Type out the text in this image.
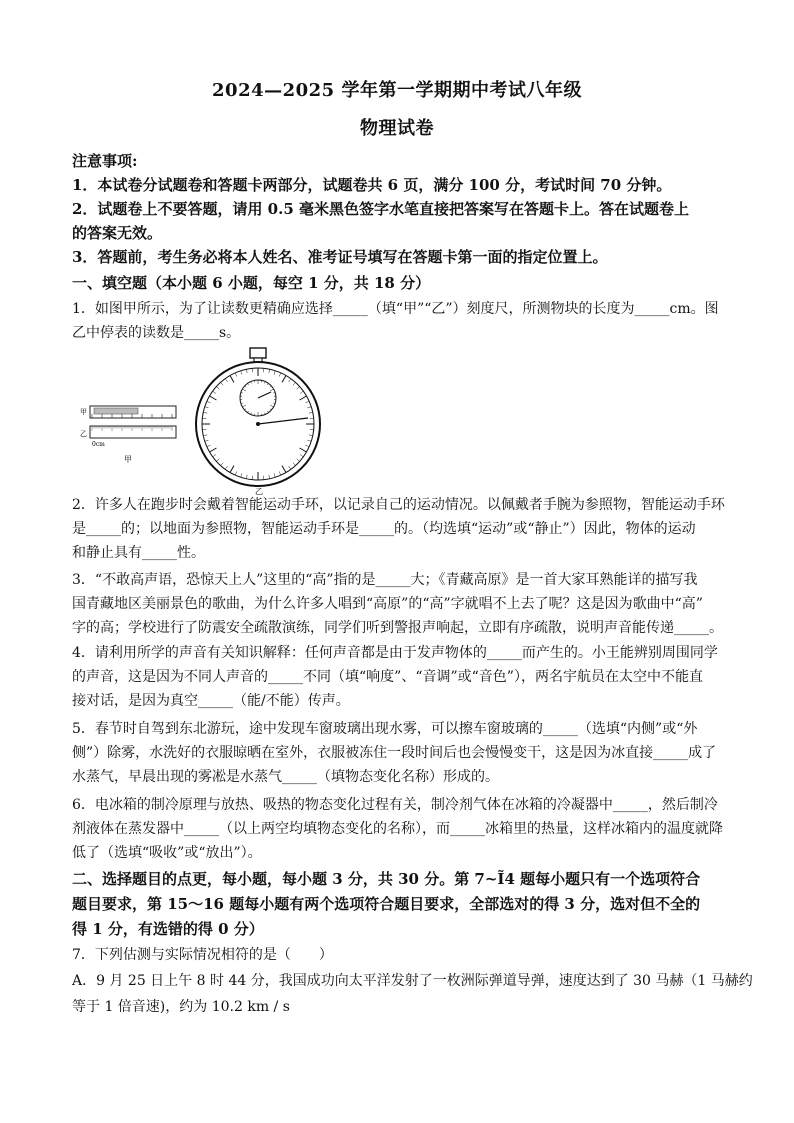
2024—2025 学年第一学期期中考试八年级
物理试卷
注意事项:
1．本试卷分试题卷和答题卡两部分，试题卷共 6 页，满分 100 分，考试时间 70 分钟。
2．试题卷上不要答题，请用 0.5 毫米黑色签字水笔直接把答案写在答题卡上。答在试题卷上
的答案无效。
3．答题前，考生务必将本人姓名、准考证号填写在答题卡第一面的指定位置上。
一、填空题（本小题 6 小题，每空 1 分，共 18 分）
1．如图甲所示，为了让读数更精确应选择_____（填“甲”“乙”）刻度尺，所测物块的长度为_____cm。图
乙中停表的读数是_____s。
甲
乙
0cm
甲
乙
2．许多人在跑步时会戴着智能运动手环，以记录自己的运动情况。以佩戴者手腕为参照物，智能运动手环
是_____的；以地面为参照物，智能运动手环是_____的。（均选填“运动”或“静止”）因此，物体的运动
和静止具有_____性。
3．“不敢高声语，恐惊天上人”这里的“高”指的是_____大；《青藏高原》是一首大家耳熟能详的描写我
国青藏地区美丽景色的歌曲，为什么许多人唱到“高原”的“高”字就唱不上去了呢？这是因为歌曲中“高”
字的高；学校进行了防震安全疏散演练，同学们听到警报声响起，立即有序疏散，说明声音能传递_____。
4．请利用所学的声音有关知识解释：任何声音都是由于发声物体的_____而产生的。小王能辨别周围同学
的声音，这是因为不同人声音的_____不同（填“响度”、“音调”或“音色”），两名宇航员在太空中不能直
接对话，是因为真空_____（能/不能）传声。
5．春节时自驾到东北游玩，途中发现车窗玻璃出现水雾，可以擦车窗玻璃的_____（选填“内侧”或“外
侧”）除雾，水洗好的衣服晾晒在室外，衣服被冻住一段时间后也会慢慢变干，这是因为冰直接_____成了
水蒸气，早晨出现的雾凇是水蒸气_____（填物态变化名称）形成的。
6．电冰箱的制冷原理与放热、吸热的物态变化过程有关，制冷剂气体在冰箱的冷凝器中_____，然后制冷
剂液体在蒸发器中_____（以上两空均填物态变化的名称），而_____冰箱里的热量，这样冰箱内的温度就降
低了（选填“吸收”或“放出”）。
二、选择题目的点更，每小题，每小题 3 分，共 30 分。第 7~Ĩ4 题每小题只有一个选项符合
题目要求，第 15～16 题每小题有两个选项符合题目要求，全部选对的得 3 分，选对但不全的
得 1 分，有选错的得 0 分）
7．下列估测与实际情况相符的是（　　）
A．9 月 25 日上午 8 时 44 分，我国成功向太平洋发射了一枚洲际弹道导弹，速度达到了 30 马赫（1 马赫约
等于 1 倍音速)，约为 10.2 km / s
